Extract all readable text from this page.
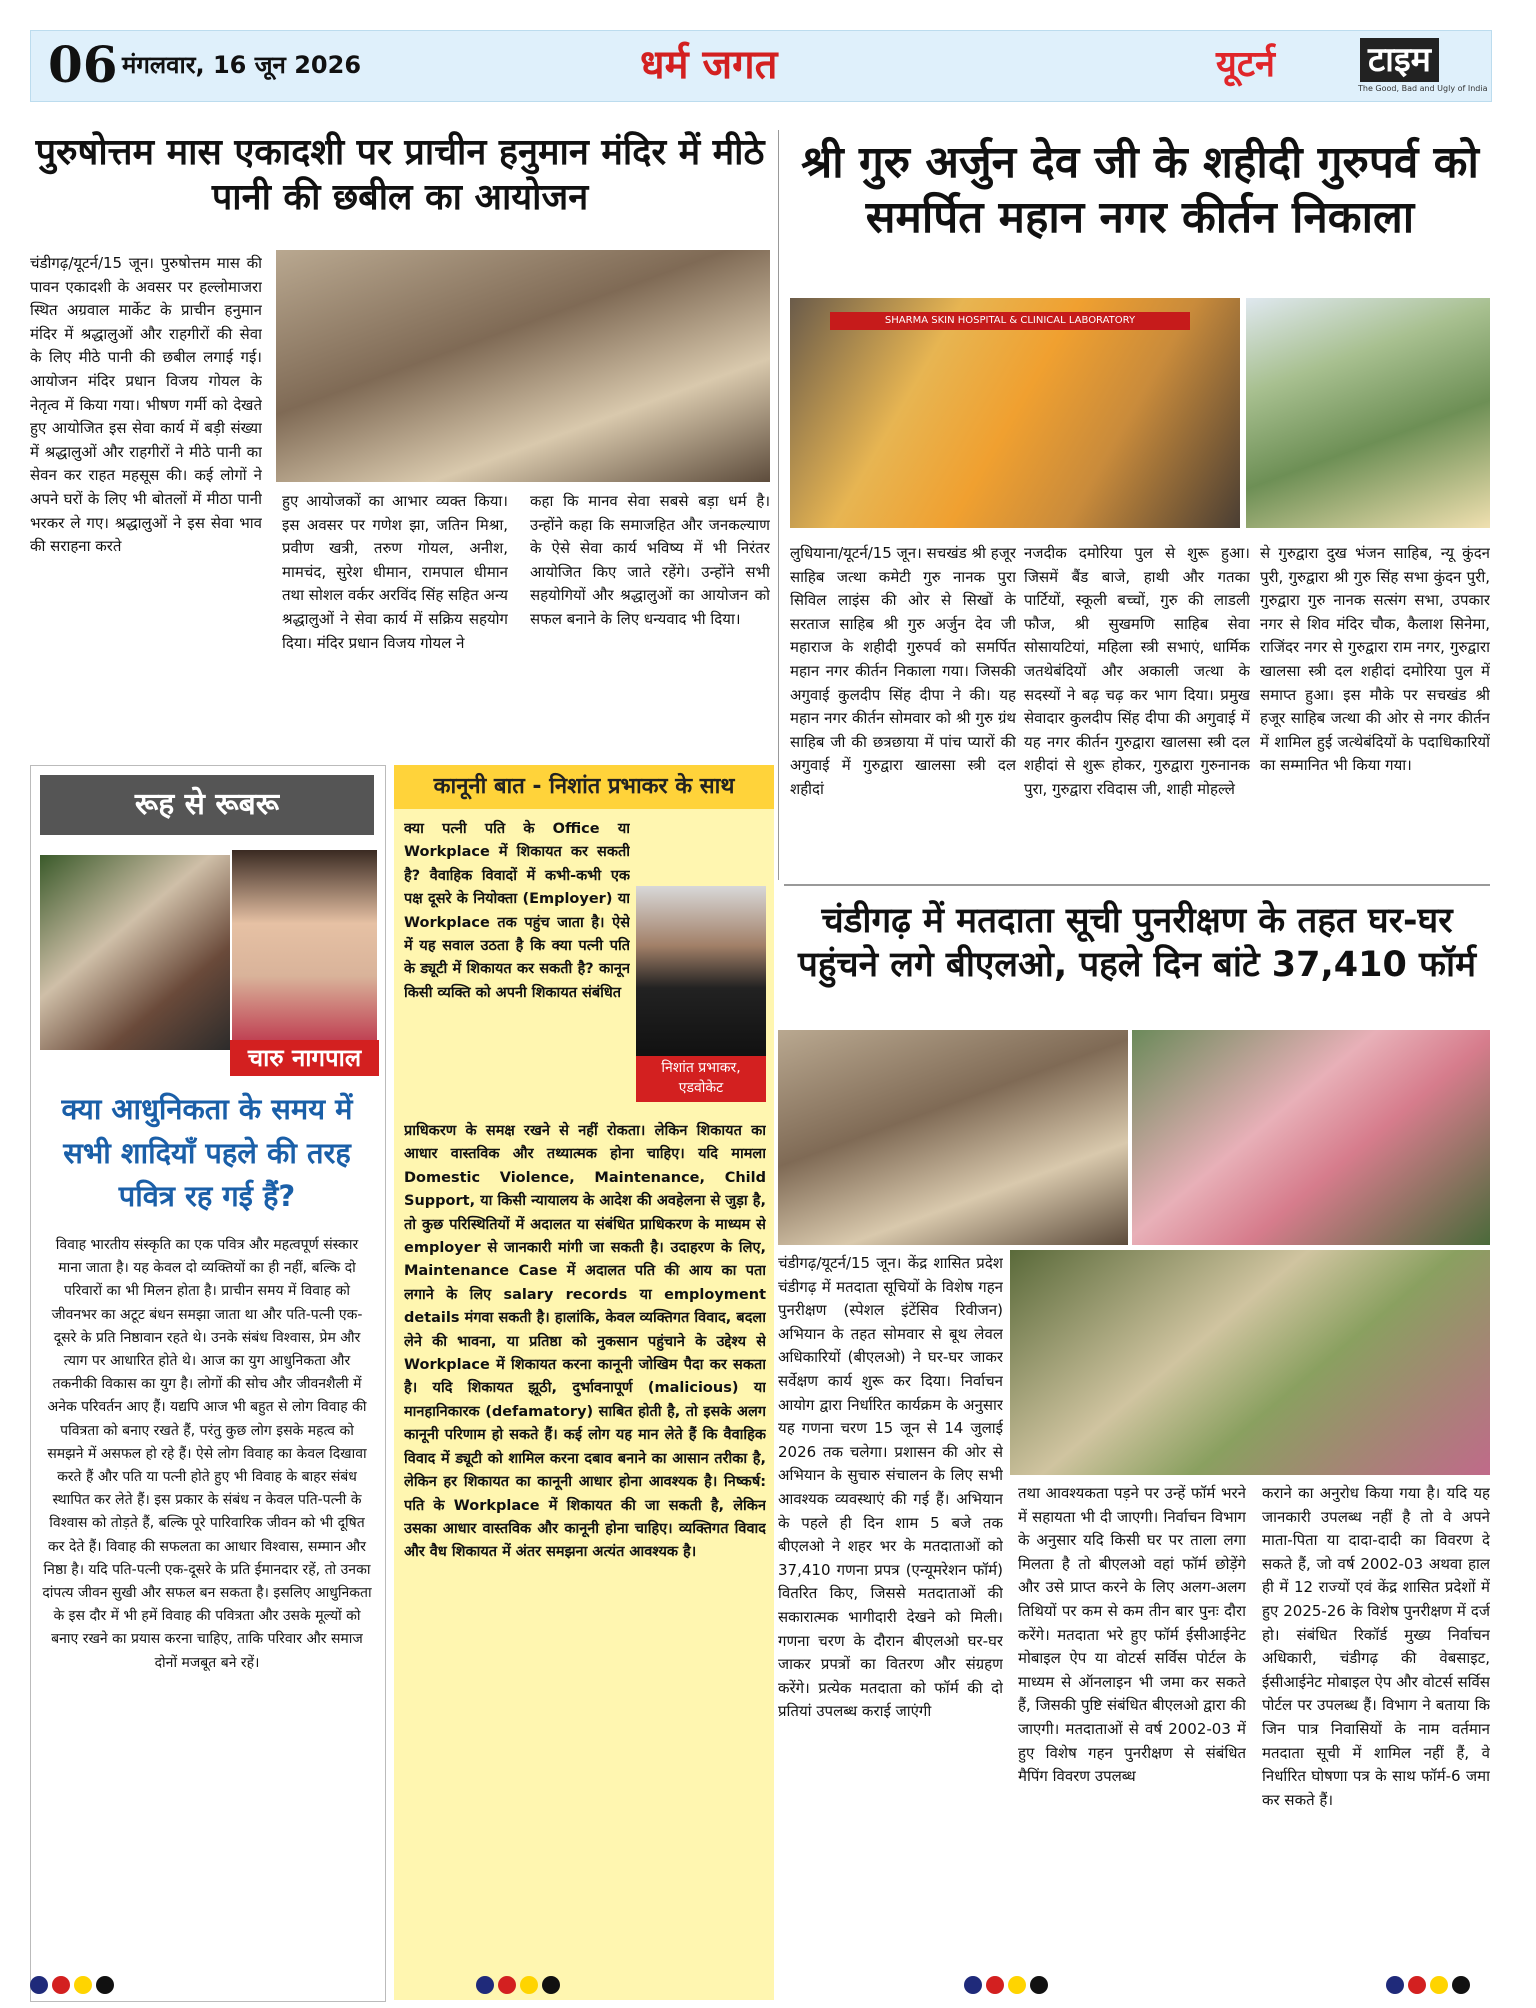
06 मंगलवार, 16 जून 2026	धर्म जगत	यूटर्न	टाइम
The Good, Bad and Ugly of India
पुरुषोत्तम मास एकादशी पर प्राचीन हनुमान मंदिर में मीठे पानी की छबील का आयोजन
चंडीगढ़/यूटर्न/15 जून। पुरुषोत्तम मास की पावन एकादशी के अवसर पर हल्लोमाजरा स्थित अग्रवाल मार्केट के प्राचीन हनुमान मंदिर में श्रद्धालुओं और राहगीरों की सेवा के लिए मीठे पानी की छबील लगाई गई। आयोजन मंदिर प्रधान विजय गोयल के नेतृत्व में किया गया। भीषण गर्मी को देखते हुए आयोजित इस सेवा कार्य में बड़ी संख्या में श्रद्धालुओं और राहगीरों ने मीठे पानी का सेवन कर राहत महसूस की। कई लोगों ने अपने घरों के लिए भी बोतलों में मीठा पानी भरकर ले गए। श्रद्धालुओं ने इस सेवा भाव की सराहना करते
हुए आयोजकों का आभार व्यक्त किया। इस अवसर पर गणेश झा, जतिन मिश्रा, प्रवीण खत्री, तरुण गोयल, अनीश, मामचंद, सुरेश धीमान, रामपाल धीमान तथा सोशल वर्कर अरविंद सिंह सहित अन्य श्रद्धालुओं ने सेवा कार्य में सक्रिय सहयोग दिया। मंदिर प्रधान विजय गोयल ने
कहा कि मानव सेवा सबसे बड़ा धर्म है। उन्होंने कहा कि समाजहित और जनकल्याण के ऐसे सेवा कार्य भविष्य में भी निरंतर आयोजित किए जाते रहेंगे। उन्होंने सभी सहयोगियों और श्रद्धालुओं का आयोजन को सफल बनाने के लिए धन्यवाद भी दिया।
श्री गुरु अर्जुन देव जी के शहीदी गुरुपर्व को समर्पित महान नगर कीर्तन निकाला
SHARMA SKIN HOSPITAL & CLINICAL LABORATORY
लुधियाना/यूटर्न/15 जून। सचखंड श्री हजूर साहिब जत्था कमेटी गुरु नानक पुरा सिविल लाइंस की ओर से सिखों के सरताज साहिब श्री गुरु अर्जुन देव जी महाराज के शहीदी गुरुपर्व को समर्पित महान नगर कीर्तन निकाला गया। जिसकी अगुवाई कुलदीप सिंह दीपा ने की। यह महान नगर कीर्तन सोमवार को श्री गुरु ग्रंथ साहिब जी की छत्रछाया में पांच प्यारों की अगुवाई में गुरुद्वारा खालसा स्त्री दल शहीदां
नजदीक दमोरिया पुल से शुरू हुआ। जिसमें बैंड बाजे, हाथी और गतका पार्टियों, स्कूली बच्चों, गुरु की लाडली फौज, श्री सुखमणि साहिब सेवा सोसायटियां, महिला स्त्री सभाएं, धार्मिक जतथेबंदियों और अकाली जत्था के सदस्यों ने बढ़ चढ़ कर भाग दिया। प्रमुख सेवादार कुलदीप सिंह दीपा की अगुवाई में यह नगर कीर्तन गुरुद्वारा खालसा स्त्री दल शहीदां से शुरू होकर, गुरुद्वारा गुरुनानक पुरा, गुरुद्वारा रविदास जी, शाही मोहल्ले
से गुरुद्वारा दुख भंजन साहिब, न्यू कुंदन पुरी, गुरुद्वारा श्री गुरु सिंह सभा कुंदन पुरी, गुरुद्वारा गुरु नानक सत्संग सभा, उपकार नगर से शिव मंदिर चौक, कैलाश सिनेमा, राजिंदर नगर से गुरुद्वारा राम नगर, गुरुद्वारा खालसा स्त्री दल शहीदां दमोरिया पुल में समाप्त हुआ। इस मौके पर सचखंड श्री हजूर साहिब जत्था की ओर से नगर कीर्तन में शामिल हुई जत्थेबंदियों के पदाधिकारियों का सम्मानित भी किया गया।
रूह से रूबरू
चारु नागपाल
क्या आधुनिकता के समय में सभी शादियाँ पहले की तरह पवित्र रह गई हैं?
विवाह भारतीय संस्कृति का एक पवित्र और महत्वपूर्ण संस्कार माना जाता है। यह केवल दो व्यक्तियों का ही नहीं, बल्कि दो परिवारों का भी मिलन होता है। प्राचीन समय में विवाह को जीवनभर का अटूट बंधन समझा जाता था और पति-पत्नी एक-दूसरे के प्रति निष्ठावान रहते थे। उनके संबंध विश्वास, प्रेम और त्याग पर आधारित होते थे। आज का युग आधुनिकता और तकनीकी विकास का युग है। लोगों की सोच और जीवनशैली में अनेक परिवर्तन आए हैं। यद्यपि आज भी बहुत से लोग विवाह की पवित्रता को बनाए रखते हैं, परंतु कुछ लोग इसके महत्व को समझने में असफल हो रहे हैं। ऐसे लोग विवाह का केवल दिखावा करते हैं और पति या पत्नी होते हुए भी विवाह के बाहर संबंध स्थापित कर लेते हैं। इस प्रकार के संबंध न केवल पति-पत्नी के विश्वास को तोड़ते हैं, बल्कि पूरे पारिवारिक जीवन को भी दूषित कर देते हैं। विवाह की सफलता का आधार विश्वास, सम्मान और निष्ठा है। यदि पति-पत्नी एक-दूसरे के प्रति ईमानदार रहें, तो उनका दांपत्य जीवन सुखी और सफल बन सकता है। इसलिए आधुनिकता के इस दौर में भी हमें विवाह की पवित्रता और उसके मूल्यों को बनाए रखने का प्रयास करना चाहिए, ताकि परिवार और समाज दोनों मजबूत बने रहें।
कानूनी बात - निशांत प्रभाकर के साथ
क्या पत्नी पति के Office या Workplace में शिकायत कर सकती है? वैवाहिक विवादों में कभी-कभी एक पक्ष दूसरे के नियोक्ता (Employer) या Workplace तक पहुंच जाता है। ऐसे में यह सवाल उठता है कि क्या पत्नी पति के ड्यूटी में शिकायत कर सकती है? कानून किसी व्यक्ति को अपनी शिकायत संबंधित
निशांत प्रभाकर,
एडवोकेट
प्राधिकरण के समक्ष रखने से नहीं रोकता। लेकिन शिकायत का आधार वास्तविक और तथ्यात्मक होना चाहिए। यदि मामला Domestic Violence, Maintenance, Child Support, या किसी न्यायालय के आदेश की अवहेलना से जुड़ा है, तो कुछ परिस्थितियों में अदालत या संबंधित प्राधिकरण के माध्यम से employer से जानकारी मांगी जा सकती है। उदाहरण के लिए, Maintenance Case में अदालत पति की आय का पता लगाने के लिए salary records या employment details मंगवा सकती है। हालांकि, केवल व्यक्तिगत विवाद, बदला लेने की भावना, या प्रतिष्ठा को नुकसान पहुंचाने के उद्देश्य से Workplace में शिकायत करना कानूनी जोखिम पैदा कर सकता है। यदि शिकायत झूठी, दुर्भावनापूर्ण (malicious) या मानहानिकारक (defamatory) साबित होती है, तो इसके अलग कानूनी परिणाम हो सकते हैं। कई लोग यह मान लेते हैं कि वैवाहिक विवाद में ड्यूटी को शामिल करना दबाव बनाने का आसान तरीका है, लेकिन हर शिकायत का कानूनी आधार होना आवश्यक है। निष्कर्ष: पति के Workplace में शिकायत की जा सकती है, लेकिन उसका आधार वास्तविक और कानूनी होना चाहिए। व्यक्तिगत विवाद और वैध शिकायत में अंतर समझना अत्यंत आवश्यक है।
चंडीगढ़ में मतदाता सूची पुनरीक्षण के तहत घर-घर पहुंचने लगे बीएलओ, पहले दिन बांटे 37,410 फॉर्म
चंडीगढ़/यूटर्न/15 जून। केंद्र शासित प्रदेश चंडीगढ़ में मतदाता सूचियों के विशेष गहन पुनरीक्षण (स्पेशल इंटेंसिव रिवीजन) अभियान के तहत सोमवार से बूथ लेवल अधिकारियों (बीएलओ) ने घर-घर जाकर सर्वेक्षण कार्य शुरू कर दिया। निर्वाचन आयोग द्वारा निर्धारित कार्यक्रम के अनुसार यह गणना चरण 15 जून से 14 जुलाई 2026 तक चलेगा। प्रशासन की ओर से अभियान के सुचारु संचालन के लिए सभी आवश्यक व्यवस्थाएं की गई हैं। अभियान के पहले ही दिन शाम 5 बजे तक बीएलओ ने शहर भर के मतदाताओं को 37,410 गणना प्रपत्र (एन्यूमरेशन फॉर्म) वितरित किए, जिससे मतदाताओं की सकारात्मक भागीदारी देखने को मिली। गणना चरण के दौरान बीएलओ घर-घर जाकर प्रपत्रों का वितरण और संग्रहण करेंगे। प्रत्येक मतदाता को फॉर्म की दो प्रतियां उपलब्ध कराई जाएंगी
तथा आवश्यकता पड़ने पर उन्हें फॉर्म भरने में सहायता भी दी जाएगी। निर्वाचन विभाग के अनुसार यदि किसी घर पर ताला लगा मिलता है तो बीएलओ वहां फॉर्म छोड़ेंगे और उसे प्राप्त करने के लिए अलग-अलग तिथियों पर कम से कम तीन बार पुनः दौरा करेंगे। मतदाता भरे हुए फॉर्म ईसीआईनेट मोबाइल ऐप या वोटर्स सर्विस पोर्टल के माध्यम से ऑनलाइन भी जमा कर सकते हैं, जिसकी पुष्टि संबंधित बीएलओ द्वारा की जाएगी। मतदाताओं से वर्ष 2002-03 में हुए विशेष गहन पुनरीक्षण से संबंधित मैपिंग विवरण उपलब्ध
कराने का अनुरोध किया गया है। यदि यह जानकारी उपलब्ध नहीं है तो वे अपने माता-पिता या दादा-दादी का विवरण दे सकते हैं, जो वर्ष 2002-03 अथवा हाल ही में 12 राज्यों एवं केंद्र शासित प्रदेशों में हुए 2025-26 के विशेष पुनरीक्षण में दर्ज हो। संबंधित रिकॉर्ड मुख्य निर्वाचन अधिकारी, चंडीगढ़ की वेबसाइट, ईसीआईनेट मोबाइल ऐप और वोटर्स सर्विस पोर्टल पर उपलब्ध हैं। विभाग ने बताया कि जिन पात्र निवासियों के नाम वर्तमान मतदाता सूची में शामिल नहीं हैं, वे निर्धारित घोषणा पत्र के साथ फॉर्म-6 जमा कर सकते हैं।
